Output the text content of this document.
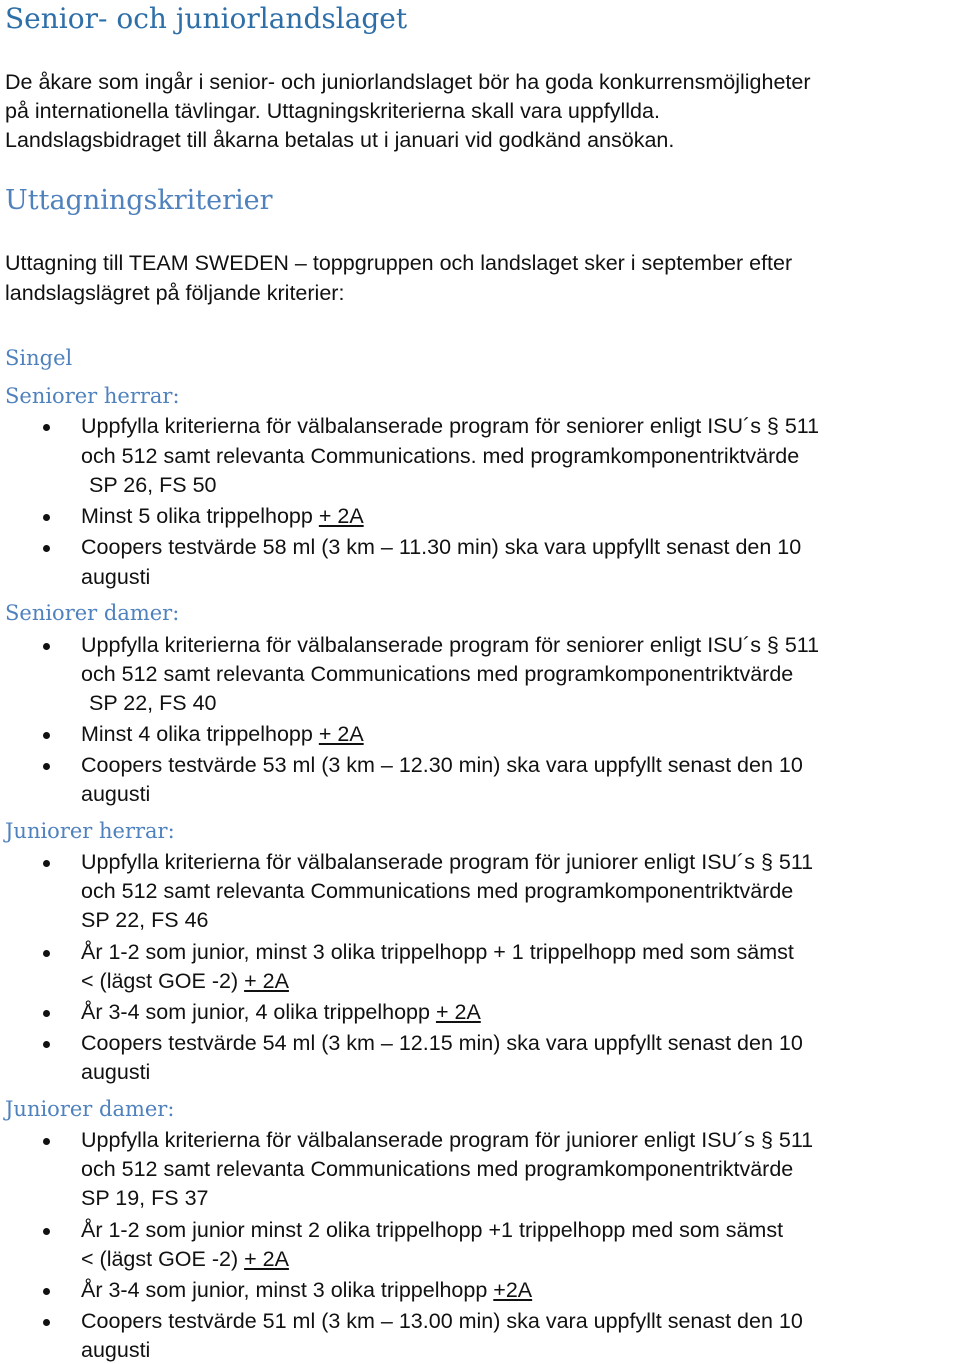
Senior- och juniorlandslaget
De åkare som ingår i senior- och juniorlandslaget bör ha goda konkurrensmöjligheter
på internationella tävlingar. Uttagningskriterierna skall vara uppfyllda.
Landslagsbidraget till åkarna betalas ut i januari vid godkänd ansökan.
Uttagningskriterier
Uttagning till TEAM SWEDEN – toppgruppen och landslaget sker i september efter
landslagslägret på följande kriterier:
Singel
Seniorer herrar:
Uppfylla kriterierna för välbalanserade program för seniorer enligt ISU´s § 511
och 512 samt relevanta Communications. med programkomponentriktvärde
SP 26, FS 50
Minst 5 olika trippelhopp + 2A
Coopers testvärde 58 ml (3 km – 11.30 min) ska vara uppfyllt senast den 10
augusti
Seniorer damer:
Uppfylla kriterierna för välbalanserade program för seniorer enligt ISU´s § 511
och 512 samt relevanta Communications med programkomponentriktvärde
SP 22, FS 40
Minst 4 olika trippelhopp + 2A
Coopers testvärde 53 ml (3 km – 12.30 min) ska vara uppfyllt senast den 10
augusti
Juniorer herrar:
Uppfylla kriterierna för välbalanserade program för juniorer enligt ISU´s § 511
och 512 samt relevanta Communications med programkomponentriktvärde
SP 22, FS 46
År 1-2 som junior, minst 3 olika trippelhopp + 1 trippelhopp med som sämst
< (lägst GOE -2) + 2A
År 3-4 som junior, 4 olika trippelhopp + 2A
Coopers testvärde 54 ml (3 km – 12.15 min) ska vara uppfyllt senast den 10
augusti
Juniorer damer:
Uppfylla kriterierna för välbalanserade program för juniorer enligt ISU´s § 511
och 512 samt relevanta Communications med programkomponentriktvärde
SP 19, FS 37
År 1-2 som junior minst 2 olika trippelhopp +1 trippelhopp med som sämst
< (lägst GOE -2) + 2A
År 3-4 som junior, minst 3 olika trippelhopp +2A
Coopers testvärde 51 ml (3 km – 13.00 min) ska vara uppfyllt senast den 10
augusti
